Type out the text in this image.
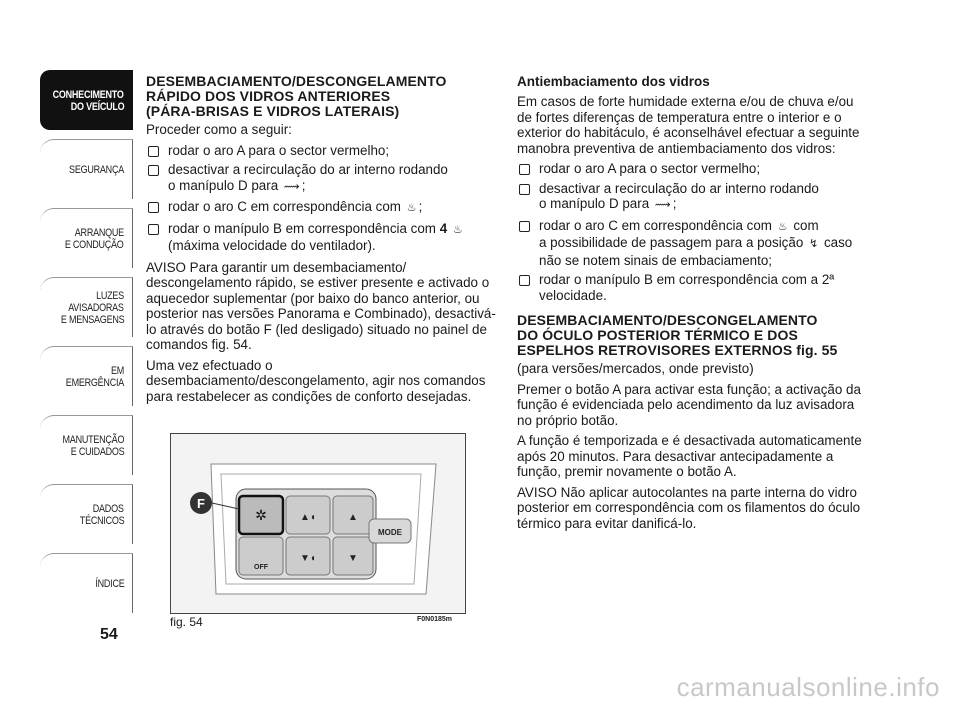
CONHECIMENTO
DO VEÍCULO
SEGURANÇA
ARRANQUE
E CONDUÇÃO
LUZES
AVISADORAS
E MENSAGENS
EM EMERGÊNCIA
MANUTENÇÃO
E CUIDADOS
DADOS
TÉCNICOS
ÍNDICE
54
DESEMBACIAMENTO/DESCONGELAMENTO
RÁPIDO DOS VIDROS ANTERIORES
(PÁRA-BRISAS E VIDROS LATERAIS)

Proceder como a seguir:

rodar o aro A para o sector vermelho;
desactivar a recirculação do ar interno rodando
o manípulo D para ⟿ ;
rodar o aro C em correspondência com ♨ ;
rodar o manípulo B em correspondência com 4 ♨
(máxima velocidade do ventilador).

AVISO Para garantir um desembaciamento/ descongelamento rápido, se estiver presente e activado o aquecedor suplementar (por baixo do banco anterior, ou posterior nas versões Panorama e Combinado), desactivá-lo através do botão F (led desligado) situado no painel de comandos fig. 54.

Uma vez efectuado o desembaciamento/descongelamento, agir nos comandos para restabelecer as condições de conforto desejadas.

✲
OFF
▲◖
▼◖
▲
▼
MODE
F
fig. 54	F0N0185m
Antiembaciamento dos vidros

Em casos de forte humidade externa e/ou de chuva e/ou de fortes diferenças de temperatura entre o interior e o exterior do habitáculo, é aconselhável efectuar a seguinte manobra preventiva de antiembaciamento dos vidros:

rodar o aro A para o sector vermelho;
desactivar a recirculação do ar interno rodando
o manípulo D para ⟿ ;
rodar o aro C em correspondência com ♨ com
a possibilidade de passagem para a posição ↯ caso não se notem sinais de embaciamento;
rodar o manípulo B em correspondência com a 2ª velocidade.
DESEMBACIAMENTO/DESCONGELAMENTO
DO ÓCULO POSTERIOR TÉRMICO E DOS
ESPELHOS RETROVISORES EXTERNOS fig. 55

(para versões/mercados, onde previsto)

Premer o botão A para activar esta função; a activação da função é evidenciada pelo acendimento da luz avisadora no próprio botão.

A função é temporizada e é desactivada automaticamente após 20 minutos. Para desactivar antecipadamente a função, premir novamente o botão A.

AVISO Não aplicar autocolantes na parte interna do vidro posterior em correspondência com os filamentos do óculo térmico para evitar danificá-lo.

carmanualsonline.info
